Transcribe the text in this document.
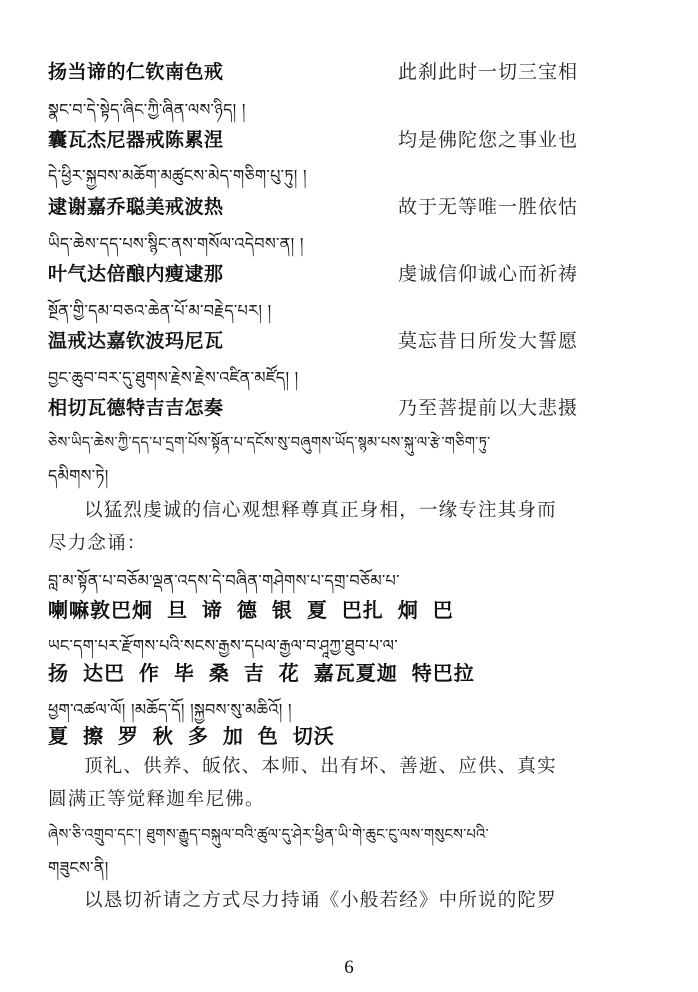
扬当谛的仁钦南色戒	此刹此时一切三宝相
སྣང་བ་དེ་སྟེད་ཞིང་ཀྱི་ཞིན་ལས་ཉིད། །
囊瓦杰尼器戒陈累涅	均是佛陀您之事业也
དེ་ཕྱིར་སྐྱབས་མཆོག་མཚུངས་མེད་གཅིག་པུ་ཏུ། །
逮谢嘉乔聪美戒波热	故于无等唯一胜依怙
ཡིད་ཆེས་དད་པས་སྙིང་ནས་གསོལ་འདེབས་ན། །
叶气达倍酿内瘦逮那	虔诚信仰诚心而祈祷
སྔོན་གྱི་དམ་བཅའ་ཆེན་པོ་མ་བརྗེད་པར། །
温戒达嘉钦波玛尼瓦	莫忘昔日所发大誓愿
བྱང་ཆུབ་བར་དུ་ཐུགས་རྗེས་རྗེས་འཛིན་མཛོད། །
相切瓦德特吉吉怎奏	乃至菩提前以大悲摄
ཅེས་ཡིད་ཆེས་ཀྱི་དད་པ་དྲག་པོས་སྟོན་པ་དངོས་སུ་བཞུགས་ཡོད་སྙམ་པས་སྐུ་ལ་རྩེ་གཅིག་ཏུ་
དམིགས་ཏེ།
以猛烈虔诚的信心观想释尊真正身相，一缘专注其身而
尽力念诵：
བླ་མ་སྟོན་པ་བཅོམ་ལྡན་འདས་དེ་བཞིན་གཤེགས་པ་དགྲ་བཅོམ་པ་
喇嘛敦巴炯 旦 谛 德 银 夏 巴扎 炯 巴
ཡང་དག་པར་རྫོགས་པའི་སངས་རྒྱས་དཔལ་རྒྱལ་བ་ཤཱཀྱ་ཐུབ་པ་ལ་
扬 达巴 作 毕 桑 吉 花 嘉瓦夏迦 特巴拉
ཕྱག་འཚལ་ལོ། །མཆོད་དོ། །སྐྱབས་སུ་མཆིའོ། །
夏 擦 罗 秋 多 加 色 切沃
顶礼、供养、皈依、本师、出有坏、善逝、应供、真实
圆满正等觉释迦牟尼佛。
ཞེས་ཅི་འགྲུབ་དང་། ཐུགས་རྒྱུད་བསྐུལ་བའི་ཚུལ་དུ་ཤེར་ཕྱིན་ཡི་གེ་ཆུང་ངུ་ལས་གསུངས་པའི་
གཟུངས་ནི།
以恳切祈请之方式尽力持诵《小般若经》中所说的陀罗
6
